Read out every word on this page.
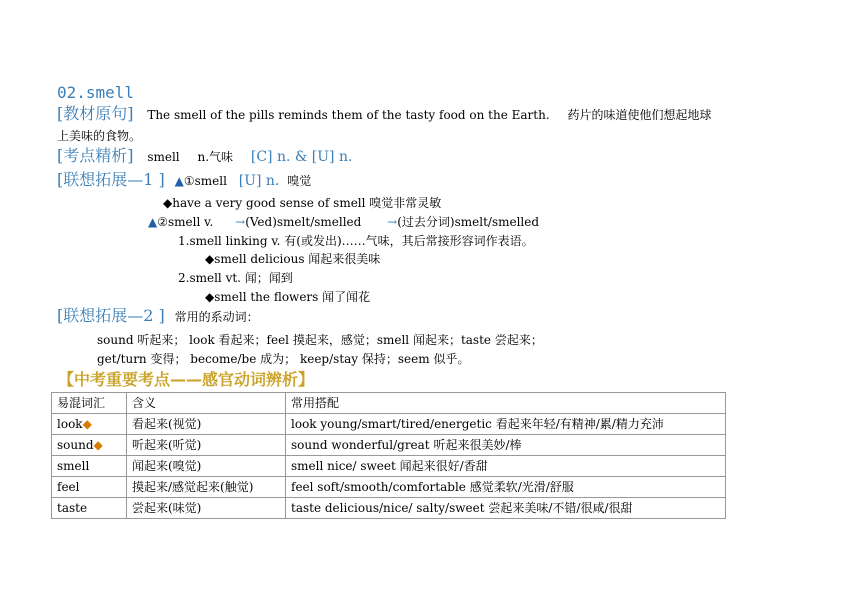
02.smell
[教材原句] The smell of the pills reminds them of the tasty food on the Earth. 药片的味道使他们想起地球
上美味的食物。
[考点精析] smell n.气味 [C] n. & [U] n.
[联想拓展—1 ] ▲①smell [U] n. 嗅觉
◆have a very good sense of smell 嗅觉非常灵敏
▲②smell v. →(Ved)smelt/smelled →(过去分词)smelt/smelled
1.smell linking v. 有(或发出)……气味，其后常接形容词作表语。
◆smell delicious 闻起来很美味
2.smell vt. 闻；闻到
◆smell the flowers 闻了闻花
[联想拓展—2 ] 常用的系动词：
sound 听起来； look 看起来；feel 摸起来，感觉；smell 闻起来；taste 尝起来；
get/turn 变得； become/be 成为； keep/stay 保持；seem 似乎。
【中考重要考点——感官动词辨析】
易混词汇	含义	常用搭配
look◆	看起来(视觉)	look young/smart/tired/energetic 看起来年轻/有精神/累/精力充沛
sound◆	听起来(听觉)	sound wonderful/great 听起来很美妙/棒
smell	闻起来(嗅觉)	smell nice/ sweet 闻起来很好/香甜
feel	摸起来/感觉起来(触觉)	feel soft/smooth/comfortable 感觉柔软/光滑/舒服
taste	尝起来(味觉)	taste delicious/nice/ salty/sweet 尝起来美味/不错/很咸/很甜
